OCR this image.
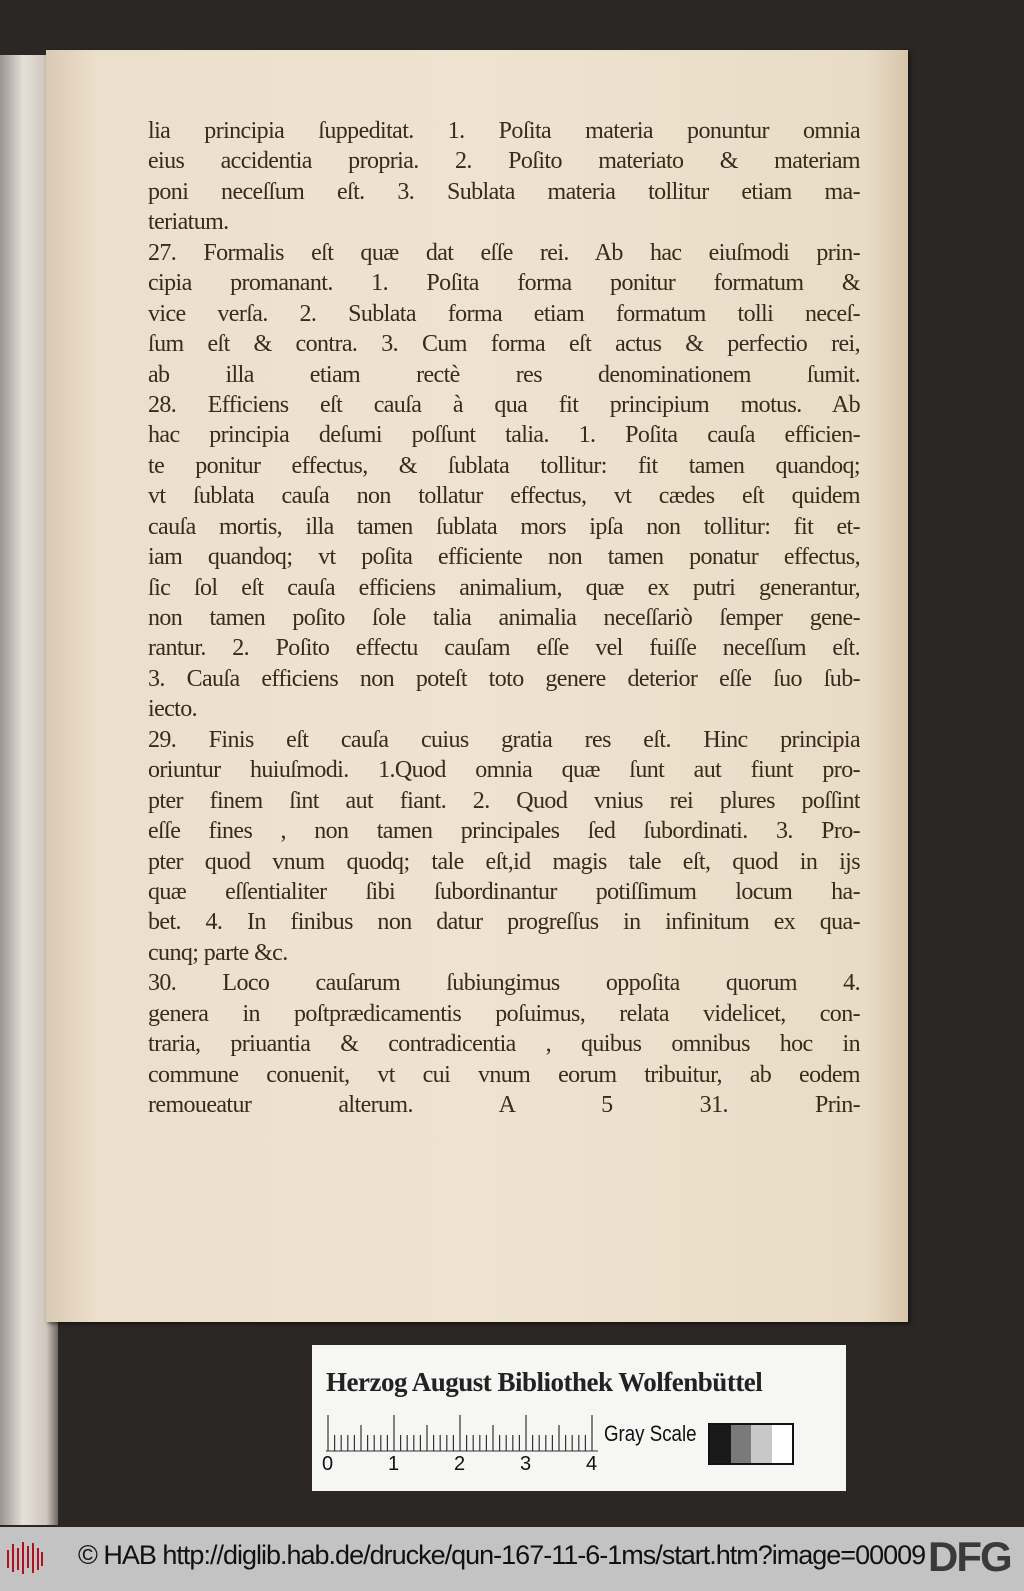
lia principia ſuppeditat. 1. Poſita materia ponuntur omnia
eius accidentia propria. 2. Poſito materiato & materiam
poni neceſſum eſt. 3. Sublata materia tollitur etiam ma-
teriatum.
27. Formalis eſt quæ dat eſſe rei. Ab hac eiuſmodi prin-
cipia promanant. 1. Poſita forma ponitur formatum &
vice verſa. 2. Sublata forma etiam formatum tolli neceſ-
ſum eſt & contra. 3. Cum forma eſt actus & perfectio rei,
ab illa etiam rectè res denominationem ſumit.
28. Efficiens eſt cauſa à qua fit principium motus. Ab
hac principia deſumi poſſunt talia. 1. Poſita cauſa efficien-
te ponitur effectus, & ſublata tollitur: fit tamen quandoq;
vt ſublata cauſa non tollatur effectus, vt cædes eſt quidem
cauſa mortis, illa tamen ſublata mors ipſa non tollitur: fit et-
iam quandoq; vt poſita efficiente non tamen ponatur effectus,
ſic ſol eſt cauſa efficiens animalium, quæ ex putri generantur,
non tamen poſito ſole talia animalia neceſſariò ſemper gene-
rantur. 2. Poſito effectu cauſam eſſe vel fuiſſe neceſſum eſt.
3. Cauſa efficiens non poteſt toto genere deterior eſſe ſuo ſub-
iecto.
29. Finis eſt cauſa cuius gratia res eſt. Hinc principia
oriuntur huiuſmodi. 1.Quod omnia quæ ſunt aut fiunt pro-
pter finem ſint aut fiant. 2. Quod vnius rei plures poſſint
eſſe fines , non tamen principales ſed ſubordinati. 3. Pro-
pter quod vnum quodq; tale eſt,id magis tale eſt, quod in ijs
quæ eſſentialiter ſibi ſubordinantur potiſſimum locum ha-
bet. 4. In finibus non datur progreſſus in infinitum ex qua-
cunq; parte &c.
30. Loco cauſarum ſubiungimus oppoſita quorum 4.
genera in poſtprædicamentis poſuimus, relata videlicet, con-
traria, priuantia & contradicentia , quibus omnibus hoc in
commune conuenit, vt cui vnum eorum tribuitur, ab eodem
remoueatur alterum. A 5 31. Prin-
Herzog August Bibliothek Wolfenbüttel
0	1	2	3	4
Gray Scale
© HAB http://diglib.hab.de/drucke/qun-167-11-6-1ms/start.htm?image=00009 DFG
